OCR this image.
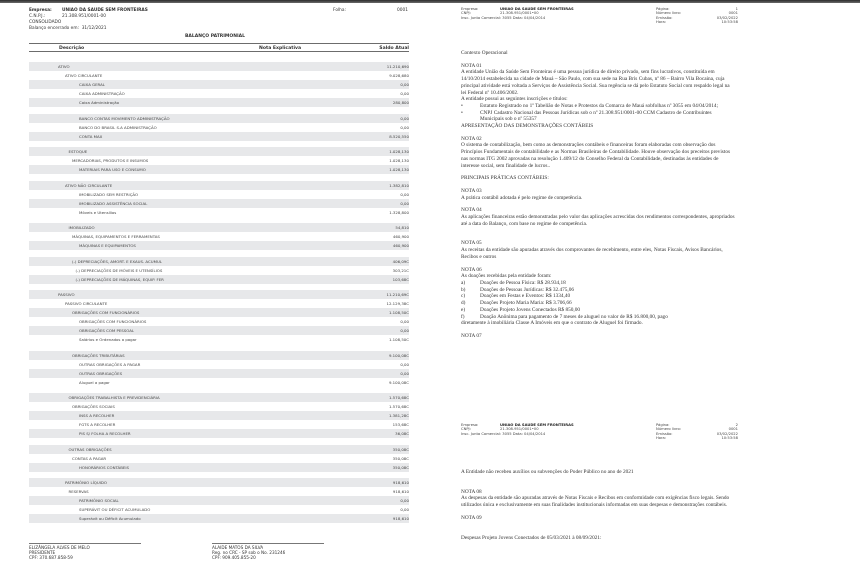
Empresa: UNIAO DA SAUDE SEM FRONTEIRAS
C.N.P.J.:	21.308.951/0001-00
CONSOLIDADO
Balanço encerrado em: 31/12/2021
Folha:	0001
BALANÇO PATRIMONIAL
Descrição	Nota Explicativa	Saldo Atual
ATIVO	11.210,690
ATIVO CIRCULANTE	9.028,680
CAIXA GERAL	0,00
CAIXA ADMINISTRAÇÃO	0,00
Caixa Administração	280,800
BANCO CONTAS MOVIMENTO ADMINISTRAÇÃO	0,00
BANCO DO BRASIL S.A ADMINISTRAÇÃO	0,00
CONTA MAX	8.520,550
ESTOQUE	1.028,130
MERCADORIAS, PRODUTOS E INSUMOS	1.028,130
MATERIAIS PARA USO E CONSUMO	1.028,130
ATIVO NÃO CIRCULANTE	1.382,810
IMOBILIZADO SEM RESTRIÇÃO	0,00
IMOBILIZADO ASSISTÊNCIA SOCIAL	0,00
Móveis e Utensílios	1.328,800
IMOBILIZADO	54,810
MÁQUINAS, EQUIPAMENTOS E FERRAMENTAS	460,900
MÁQUINAS E EQUIPAMENTOS	460,900
(-) DEPRECIAÇÕES, AMORT. E EXAUS. ACUMUL	406,09C
(-) DEPRECIAÇÕES DE MÓVEIS E UTENSÍLIOS	303,21C
(-) DEPRECIAÇÕES DE MÁQUINAS, EQUIP. FER	103,68C
PASSIVO	11.210,69C
PASSIVO CIRCULANTE	12.129,38C
OBRIGAÇÕES COM FUNCIONÁRIOS	1.108,50C
OBRIGAÇÕES COM FUNCIONÁRIOS	0,00
OBRIGAÇÕES COM PESSOAL	0,00
Salários e Ordenados a pagar	1.108,50C
OBRIGAÇÕES TRIBUTÁRIAS	9.100,08C
OUTRAS OBRIGAÇÕES A PAGAR	0,00
OUTRAS OBRIGAÇÕES	0,00
Aluguel a pagar	9.100,08C
OBRIGAÇÕES TRABALHISTA E PREVIDENCIÁRIA	1.570,68C
OBRIGAÇÕES SOCIAIS	1.570,68C
INSS A RECOLHER	1.381,28C
FGTS A RECOLHER	153,68C
PIS S/ FOLHA A RECOLHER	36,08C
OUTRAS OBRIGAÇÕES	350,08C
CONTAS A PAGAR	350,08C
HONORÁRIOS CONTÁBEIS	350,08C
PATRIMÔNIO LÍQUIDO	918,610
RESERVAS	918,610
PATRIMÔNIO SOCIAL	0,00
SUPERÁVIT OU DÉFICIT ACUMULADO	0,00
Superávit ou Déficit Acumulado	918,610
ELIZÂNGELA ALVES DE MELO
PRESIDENTE
CPF: 370.687.858-59
ALAIDE MATOS DA SILVA
Reg. no CRC - SP sob o No. 231246
CPF: 909.405.855-20
Empresa:	UNIAO DA SAUDE SEM FRONTEIRAS
CNPJ:	21.308.951/0001•00
Insc. Junta Comercial: 3055 Data: 04/04/2014
Página:
Número livro:
Emissão:
Hora:
1
0001
03/02/2022
10:53:58

Contexto Operacional

NOTA 01

A entidade União da Saúde Sem Fronteiras é uma pessoa jurídica de direito privado, sem fins lucrativos, constituída em 14/10/2014 estabelecida na cidade de Mauá – São Paulo, com sua sede na Rua Bris Cubas, nº 86 – Bairro Vila Bocaina, cuja principal atividade está voltada a Serviços de Assistência Social. Sua regência se dá pelo Estatuto Social com respaldo legal na lei Federal nº 10.406/2002.

A entidade possui as seguintes inscrições e títulos:

•	Estatuto Registrado no 1º Tabelião de Notas e Protestos da Comarca de Mauá sobfolhas nº 3055 em 04/04/2014;
•	CNPJ Cadastro Nacional das Pessoas Jurídicas sob o nº 21.308.951/0001-00 CCM Cadastro de Contribuintes Municipais sob o nº 55357

APRESENTAÇÃO DAS DEMONSTRAÇÕES CONTÁBEIS

NOTA 02

O sistema de contabilização, bem como as demonstrações contábeis e financeiras foram elaboradas com observação dos Princípios Fundamentais de contabilidade e as Normas Brasileiras de Contabilidade. Houve observação dos preceitos previstos nas normas ITG 2002 aprovadas na resolução 1.409/12 do Conselho Federal da Contabilidade, destinadas às entidades de interesse social, sem finalidade de lucros..

PRINCIPAIS PRÁTICAS CONTÁBEIS:

NOTA 03

A prática contábil adotada é pelo regime de competência.

NOTA 04

As aplicações financeiras estão demonstradas pelo valor das aplicações acrescidas dos rendimentos correspondentes, apropriados até a data do Balanço, com base no regime de competência.

NOTA 05

As receitas da entidade são apuradas através dos comprovantes de recebimento, entre eles, Notas Fiscais, Avisos Bancários, Recibos e outros

NOTA 06

As doações recebidas pela entidade foram:

a)	Doações de Pessoa Física: R$ 28.934,18
b)	Doações de Pessoas Jurídicas: R$ 32.475,06
c)	Doações em Festas e Eventos: R$ 1334,40
d)	Doações Projeto Maria Maria: R$ 3.706,66
e)	Doações Projeto Jovens Conectados R$ 850,00
f)	Doação Anônima para pagamento de 7 meses de aluguel no valor de R$ 16.800,00, pago

diretamente à imobiliária Classe A Imóveis em que o contrato de Aluguel foi firmado.

NOTA 07

Empresa:	UNIAO DA SAUDE SEM FRONTEIRAS
CNPJ:	21.308.951/0001•00
Insc. Junta Comercial: 3055 Data: 04/04/2014
Página:
Número livro:
Emissão:
Hora:
2
0001
03/02/2022
10:53:58

A Entidade não recebeu auxílios ou subvenções do Poder Público no ano de 2021

NOTA 08

As despesas da entidade são apuradas através de Notas Fiscais e Recibos em conformidade com exigências fisco legais. Sendo utilizados única e exclusivamente em suas finalidades institucionais informadas em suas despesas e demonstrações contábeis.

NOTA 09

Despesas Projeto Jovens Conectados de 05/03/2021 à 08/09/2021:
